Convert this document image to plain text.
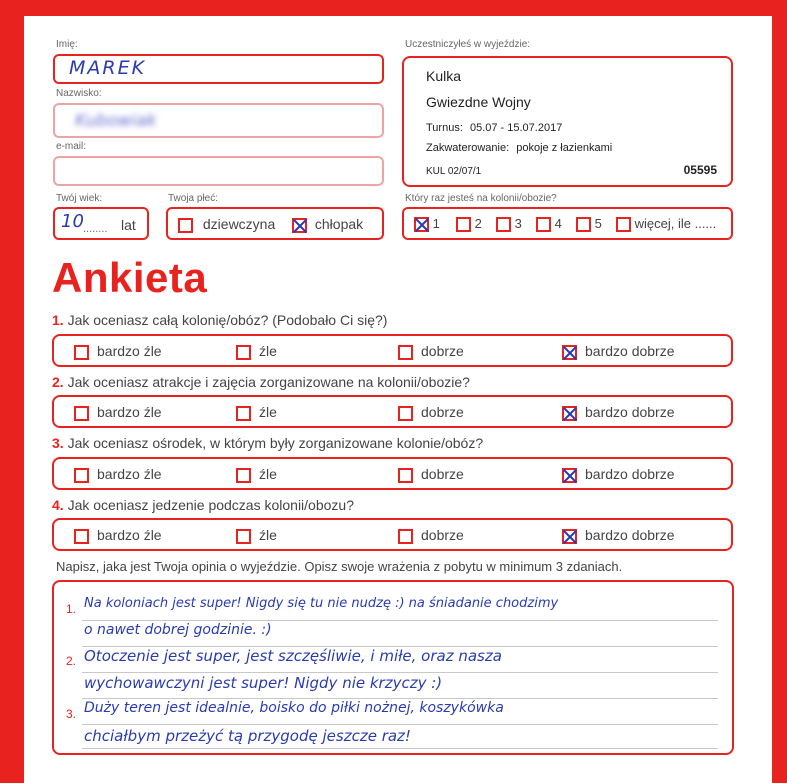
Imię:
MAREK
Nazwisko:
Kubowiak
e-mail:
Twój wiek:
10 ........ lat
Twoja płeć:
dziewczyna	chłopak
Uczestniczyłeś w wyjeździe:
Kulka
Gwiezdne Wojny
Turnus: 05.07 - 15.07.2017
Zakwaterowanie: pokoje z łazienkami
KUL 02/07/1	05595
Który raz jesteś na kolonii/obozie?
1	2	3	4	5	więcej, ile ......
Ankieta
1. Jak oceniasz całą kolonię/obóz? (Podobało Ci się?)
bardzo źle	źle	dobrze	bardzo dobrze
2. Jak oceniasz atrakcje i zajęcia zorganizowane na kolonii/obozie?
bardzo źle	źle	dobrze	bardzo dobrze
3. Jak oceniasz ośrodek, w którym były zorganizowane kolonie/obóz?
bardzo źle	źle	dobrze	bardzo dobrze
4. Jak oceniasz jedzenie podczas kolonii/obozu?
bardzo źle	źle	dobrze	bardzo dobrze
Napisz, jaka jest Twoja opinia o wyjeździe. Opisz swoje wrażenia z pobytu w minimum 3 zdaniach.
1. Na koloniach jest super! Nigdy się tu nie nudzę :) na śniadanie chodzimy
o nawet dobrej godzinie. :)
2. Otoczenie jest super, jest szczęśliwie, i miłe, oraz nasza
wychowawczyni jest super! Nigdy nie krzyczy :)
3. Duży teren jest idealnie, boisko do piłki nożnej, koszykówka
chciałbym przeżyć tą przygodę jeszcze raz!
